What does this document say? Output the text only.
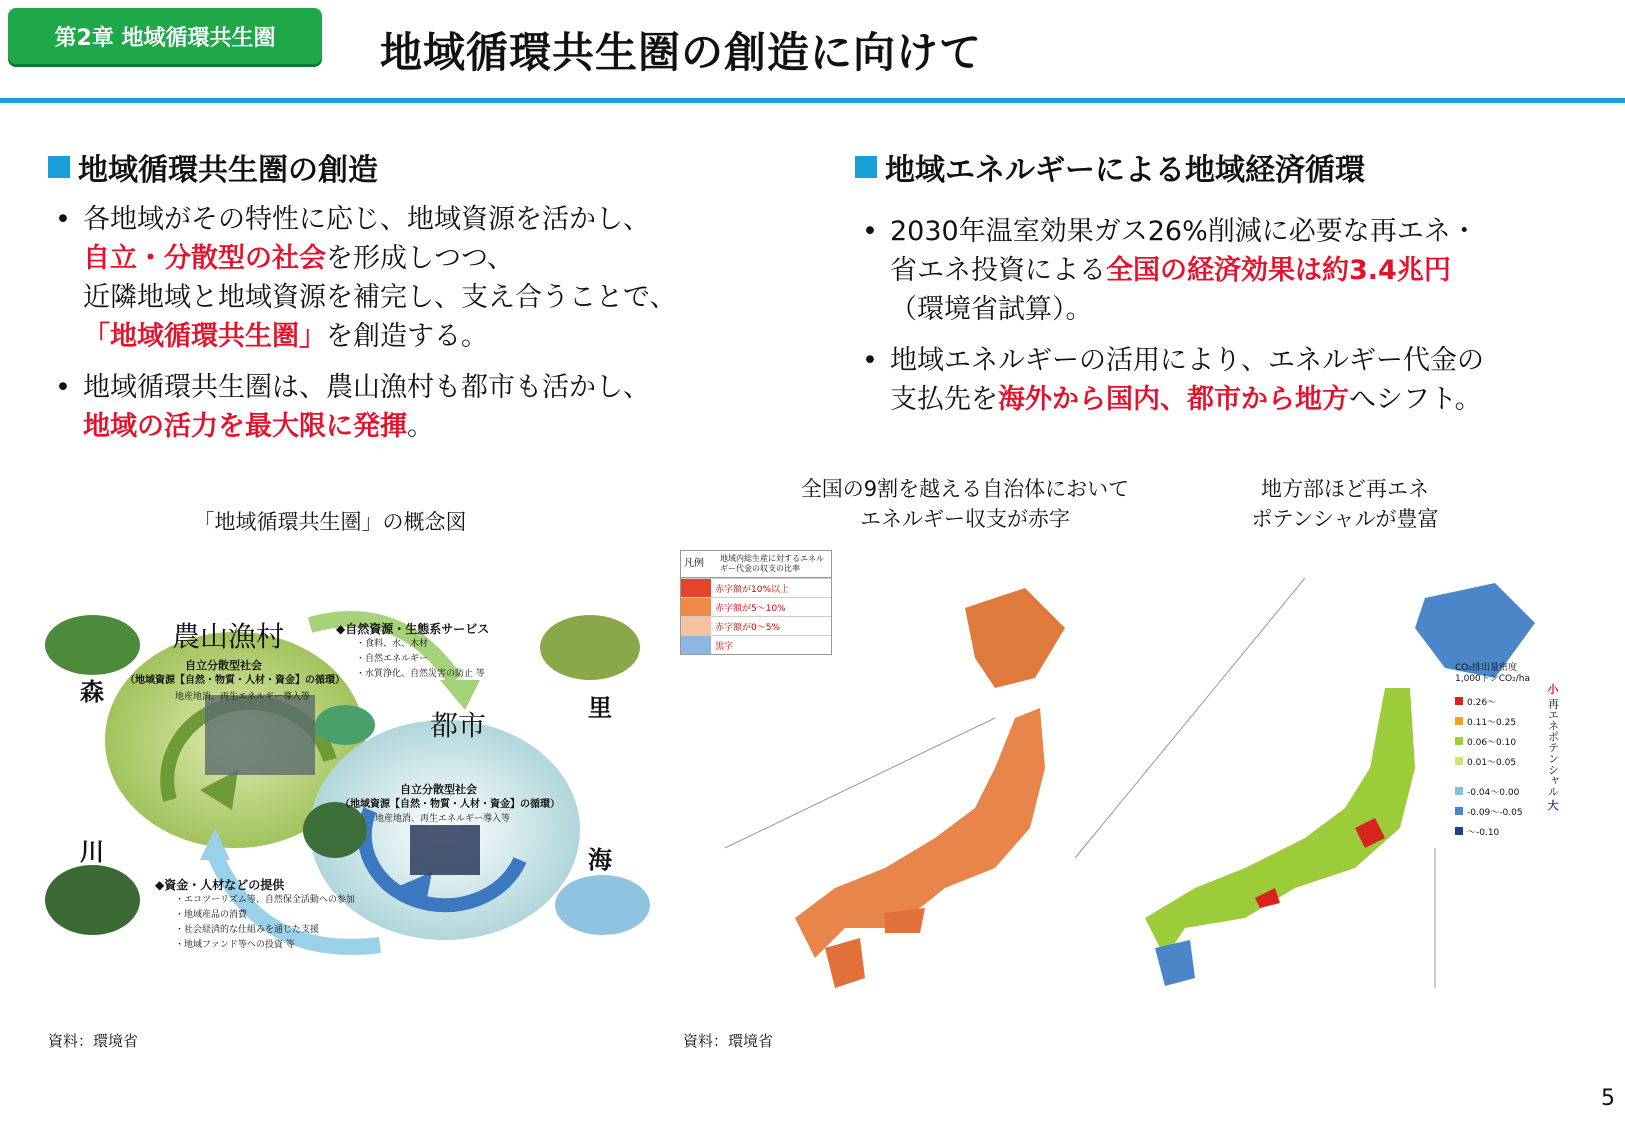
第2章 地域循環共生圏	地域循環共生圏の創造に向けて
地域循環共生圏の創造
• 各地域がその特性に応じ、地域資源を活かし、
自立・分散型の社会を形成しつつ、
近隣地域と地域資源を補完し、支え合うことで、
「地域循環共生圏」を創造する。
• 地域循環共生圏は、農山漁村も都市も活かし、
地域の活力を最大限に発揮。
「地域循環共生圏」の概念図
森
里
川	海
農山漁村
自立分散型社会
（地域資源【自然・物質・人材・資金】の循環）
地産地消、再生エネルギー導入等
都市
自立分散型社会
（地域資源【自然・物質・人材・資金】の循環）
地産地消、再生エネルギー導入等
◆自然資源・生態系サービス
・食料、水、木材
・自然エネルギー
・水質浄化、自然災害の防止 等
◆資金・人材などの提供
・エコツーリズム等、自然保全活動への参加
・地域産品の消費
・社会経済的な仕組みを通じた支援
・地域ファンド等への投資 等
資料：環境省
地域エネルギーによる地域経済循環
• 2030年温室効果ガス26%削減に必要な再エネ・
省エネ投資による全国の経済効果は約3.4兆円
（環境省試算）。
• 地域エネルギーの活用により、エネルギー代金の
支払先を海外から国内、都市から地方へシフト。
全国の9割を越える自治体において
エネルギー収支が赤字
地方部ほど再エネ
ポテンシャルが豊富
凡例	地域内総生産に対するエネルギー代金の収支の比率
赤字額が10%以上
赤字額が5～10%
赤字額が0～5%
黒字
CO₂排出量密度 1,000トンCO₂/ha
0.26～
0.11～0.25
0.06～0.10
0.01～0.05
-0.04～0.00
-0.09～-0.05
～-0.10
小
再エネポテンシャル
大
資料：環境省
5
